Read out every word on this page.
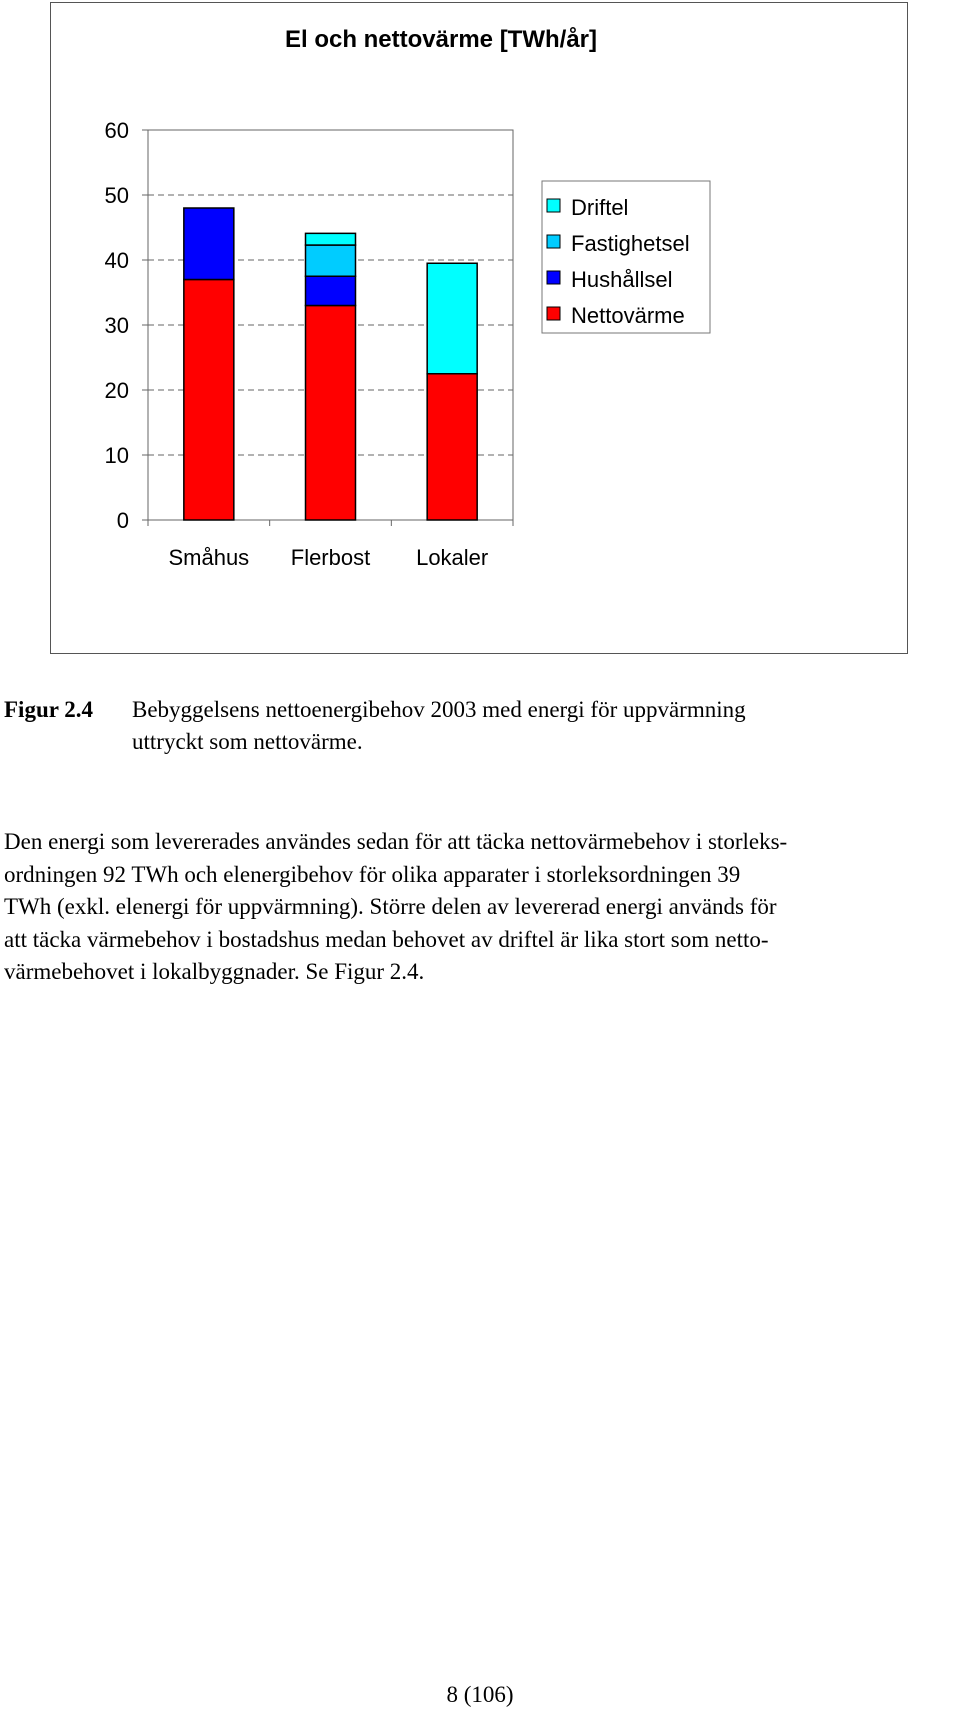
El och nettovärme [TWh/år]
0
10
20
30
40
50
60
Småhus Flerbost Lokaler
Driftel
Fastighetsel
Hushållsel
Nettovärme
Figur 2.4 Bebyggelsens nettoenergibehov 2003 med energi för uppvärmning
uttryckt som nettovärme.
Den energi som levererades användes sedan för att täcka nettovärmebehov i storleks-
ordningen 92 TWh och elenergibehov för olika apparater i storleksordningen 39
TWh (exkl. elenergi för uppvärmning). Större delen av levererad energi används för
att täcka värmebehov i bostadshus medan behovet av driftel är lika stort som netto-
värmebehovet i lokalbyggnader. Se Figur 2.4.
8 (106)
